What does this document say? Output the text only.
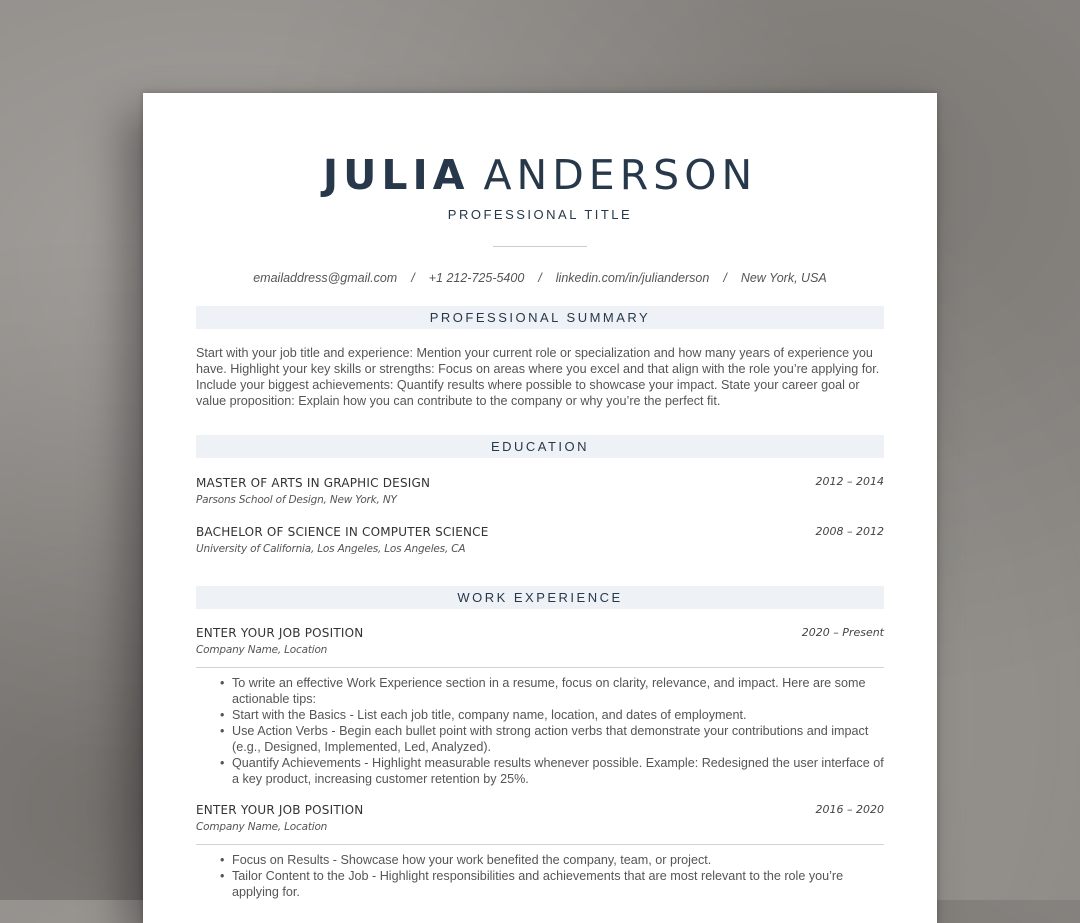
JULIA ANDERSON
PROFESSIONAL TITLE
emailaddress@gmail.com / +1 212-725-5400 / linkedin.com/in/julianderson / New York, USA
PROFESSIONAL SUMMARY
Start with your job title and experience: Mention your current role or specialization and how many years of experience you have. Highlight your key skills or strengths: Focus on areas where you excel and that align with the role you’re applying for. Include your biggest achievements: Quantify results where possible to showcase your impact. State your career goal or value proposition: Explain how you can contribute to the company or why you’re the perfect fit.
EDUCATION
MASTER OF ARTS IN GRAPHIC DESIGN	2012 – 2014
Parsons School of Design, New York, NY
BACHELOR OF SCIENCE IN COMPUTER SCIENCE	2008 – 2012
University of California, Los Angeles, Los Angeles, CA
WORK EXPERIENCE
ENTER YOUR JOB POSITION	2020 – Present
Company Name, Location
• To write an effective Work Experience section in a resume, focus on clarity, relevance, and impact. Here are some actionable tips:
• Start with the Basics - List each job title, company name, location, and dates of employment.
• Use Action Verbs - Begin each bullet point with strong action verbs that demonstrate your contributions and impact (e.g., Designed, Implemented, Led, Analyzed).
• Quantify Achievements - Highlight measurable results whenever possible. Example: Redesigned the user interface of a key product, increasing customer retention by 25%.
ENTER YOUR JOB POSITION	2016 – 2020
Company Name, Location
• Focus on Results - Showcase how your work benefited the company, team, or project.
• Tailor Content to the Job - Highlight responsibilities and achievements that are most relevant to the role you’re applying for.
